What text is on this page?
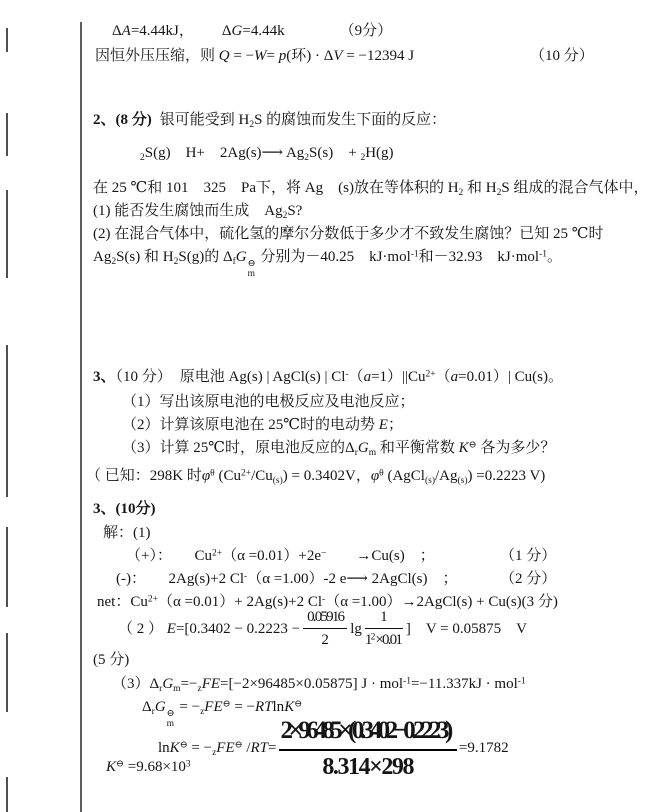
ΔA=4.44kJ， ΔG=4.44k	（9分）
因恒外压压缩，则 Q = −W= p(环) · ΔV = −12394 J	（10 分）
2、(8 分) 银可能受到 $H_2S$ 的腐蚀而发生下面的反应：
$_2$S(g)　H+　2Ag(s)⟶ $Ag_2S(s)$　+ $_2$H(g)
在 25 ℃和 101　325　Pa下，将 Ag　(s)放在等体积的 $H_2$ 和 $H_2S$ 组成的混合气体中，
(1) 能否发生腐蚀而生成　$Ag_2S$?
(2) 在混合气体中，硫化氢的摩尔分数低于多少才不致发生腐蚀？已知 25 ℃时
$Ag_2S(s)$ 和 $H_2S(g)$的 $\Delta_fG$ ⊖
m
分别为－40.25　kJ·mol$^{-1}$和－32.93　kJ·mol$^{-1}$。
3、（10 分） 原电池 Ag(s) | AgCl(s) | $Cl^-(a=1)||Cu^{2+}(a=0.01)|$ Cu(s)。
（1）写出该原电池的电极反应及电池反应；
（2）计算该原电池在 25℃时的电动势 E；
（3）计算 25℃时，原电池反应的$\Delta_rG_m$ 和平衡常数 K⊖ 各为多少？
（ 已知：298K 时$\varphi^\theta$ $(Cu^{2+}/Cu_{(s)}) = 0.3402V$，$\varphi^\theta$ $(AgCl_{(s)}/Ag_{(s)}) =0.2223$ V)
3、(10分)
解：(1)
（+）：　　$Cu^{2+}(\alpha =0.01)+2e^-$　　→Cu(s)　；	（1 分）
(-)：　　2Ag(s)+2 Cl-（α =1.00）-2 e⟶ 2AgCl(s)　；	（2 分）
net：$Cu^{2+}(\alpha =0.01)+ 2Ag(s)+2$ Cl-（α =1.00）→2AgCl(s) + Cu(s)(3 分)
（ 2 ） $E=[0.3402 - 0.2223 - \frac{0.05916}{2}$ $\lg \frac{1}{1^2\times 0.01}$ ]　V = 0.05875　V
(5 分)
$(3)\Delta_rG_m=-_zFE=[-2\times 96485\times 0.05875] J \cdot mol^{-1}=-11.337kJ \cdot mol^{-1}$
$\Delta_rG$ ⊖
m
= $-_zFE^⊖ = -RTlnK^⊖$
$\ln K^⊖ = -_zFE^⊖$ $/RT= \frac{2\times 96485\times(0.3402-0.2223)}{8.314\times 298} =9.1782$
$K^⊖ =9.68\times 10^3$
